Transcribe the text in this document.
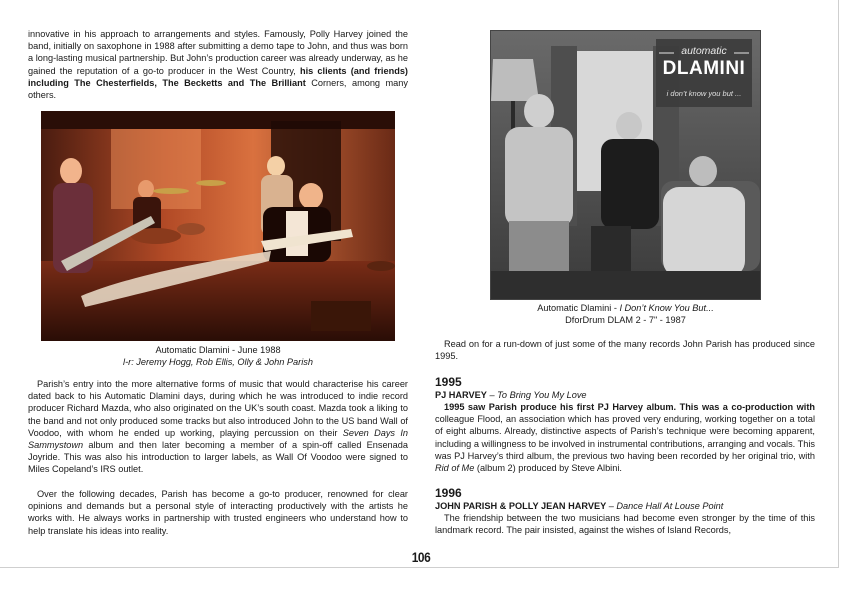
innovative in his approach to arrangements and styles. Famously, Polly Harvey joined the band, initially on saxophone in 1988 after submitting a demo tape to John, and thus was born a long-lasting musical partnership. But John’s production career was already underway, as he gained the reputation of a go-to producer in the West Country, his clients (and friends) including The Chesterfields, The Becketts and The Brilliant Corners, among many others.

Automatic Dlamini - June 1988
l-r: Jeremy Hogg, Rob Ellis, Olly & John Parish

Parish’s entry into the more alternative forms of music that would characterise his career dated back to his Automatic Dlamini days, during which he was introduced to indie record producer Richard Mazda, who also originated on the UK’s south coast. Mazda took a liking to the band and not only produced some tracks but also introduced John to the US band Wall of Voodoo, with whom he ended up working, playing percussion on their Seven Days In Sammystown album and then later becoming a member of a spin-off called Ensenada Joyride. This was also his introduction to larger labels, as Wall Of Voodoo were signed to Miles Copeland’s IRS outlet.

Over the following decades, Parish has become a go-to producer, renowned for clear opinions and demands but a personal style of interacting productively with the artists he works with. He always works in partnership with trusted engineers who understand how to help translate his ideas into reality.

automatic
DLAMINI
i don’t know you but ...
Automatic Dlamini - I Don’t Know You But...
DforDrum DLAM 2 - 7" - 1987

Read on for a run-down of just some of the many records John Parish has produced since 1995.

1995

PJ HARVEY – To Bring You My Love

1995 saw Parish produce his first PJ Harvey album. This was a co-production with colleague Flood, an association which has proved very enduring, working together on a total of eight albums. Already, distinctive aspects of Parish’s technique were becoming apparent, including a willingness to be involved in instrumental contributions, arranging and vocals. This was PJ Harvey’s third album, the previous two having been recorded by her original trio, with Rid of Me (album 2) produced by Steve Albini.

1996

JOHN PARISH & POLLY JEAN HARVEY – Dance Hall At Louse Point

The friendship between the two musicians had become even stronger by the time of this landmark record. The pair insisted, against the wishes of Island Records,

106
